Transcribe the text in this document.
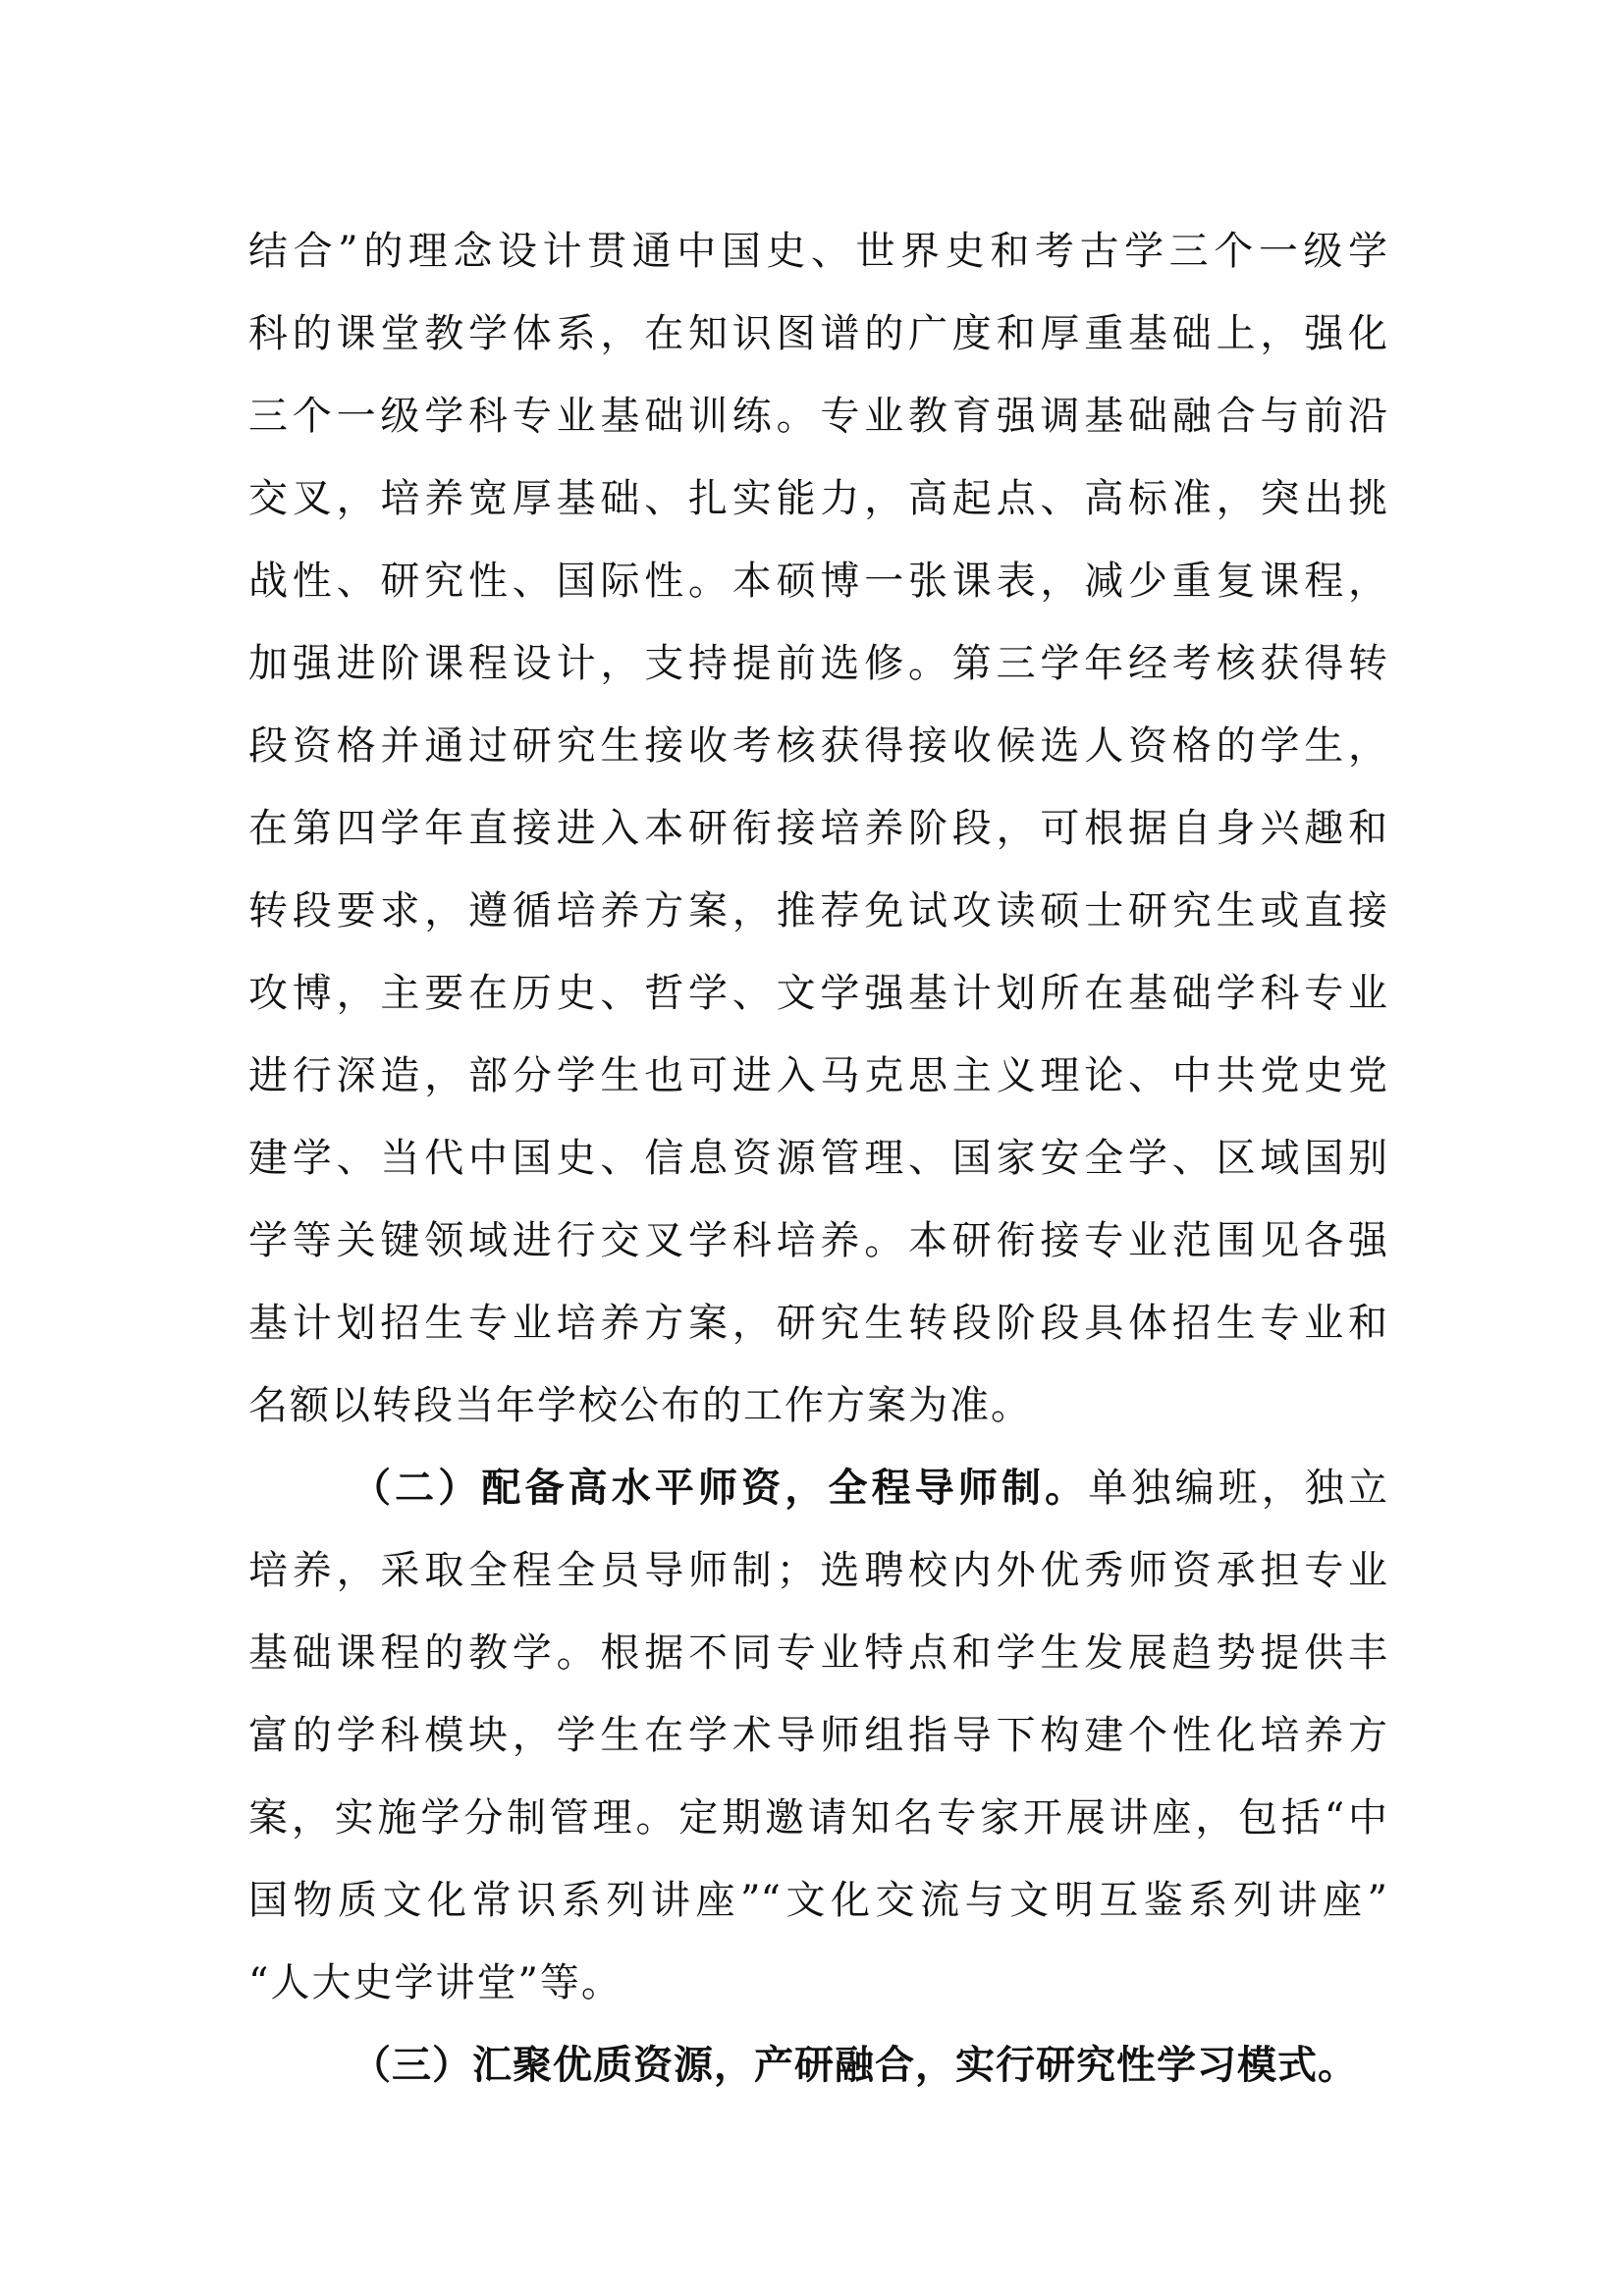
结合”的理念设计贯通中国史、世界史和考古学三个一级学
科的课堂教学体系，在知识图谱的广度和厚重基础上，强化
三个一级学科专业基础训练。专业教育强调基础融合与前沿
交叉，培养宽厚基础、扎实能力，高起点、高标准，突出挑
战性、研究性、国际性。本硕博一张课表，减少重复课程，
加强进阶课程设计，支持提前选修。第三学年经考核获得转
段资格并通过研究生接收考核获得接收候选人资格的学生，
在第四学年直接进入本研衔接培养阶段，可根据自身兴趣和
转段要求，遵循培养方案，推荐免试攻读硕士研究生或直接
攻博，主要在历史、哲学、文学强基计划所在基础学科专业
进行深造，部分学生也可进入马克思主义理论、中共党史党
建学、当代中国史、信息资源管理、国家安全学、区域国别
学等关键领域进行交叉学科培养。本研衔接专业范围见各强
基计划招生专业培养方案，研究生转段阶段具体招生专业和
名额以转段当年学校公布的工作方案为准。
（二）配备高水平师资，全程导师制。单独编班，独立
培养，采取全程全员导师制；选聘校内外优秀师资承担专业
基础课程的教学。根据不同专业特点和学生发展趋势提供丰
富的学科模块，学生在学术导师组指导下构建个性化培养方
案，实施学分制管理。定期邀请知名专家开展讲座，包括“中
国物质文化常识系列讲座”“文化交流与文明互鉴系列讲座”
“人大史学讲堂”等。
（三）汇聚优质资源，产研融合，实行研究性学习模式。
